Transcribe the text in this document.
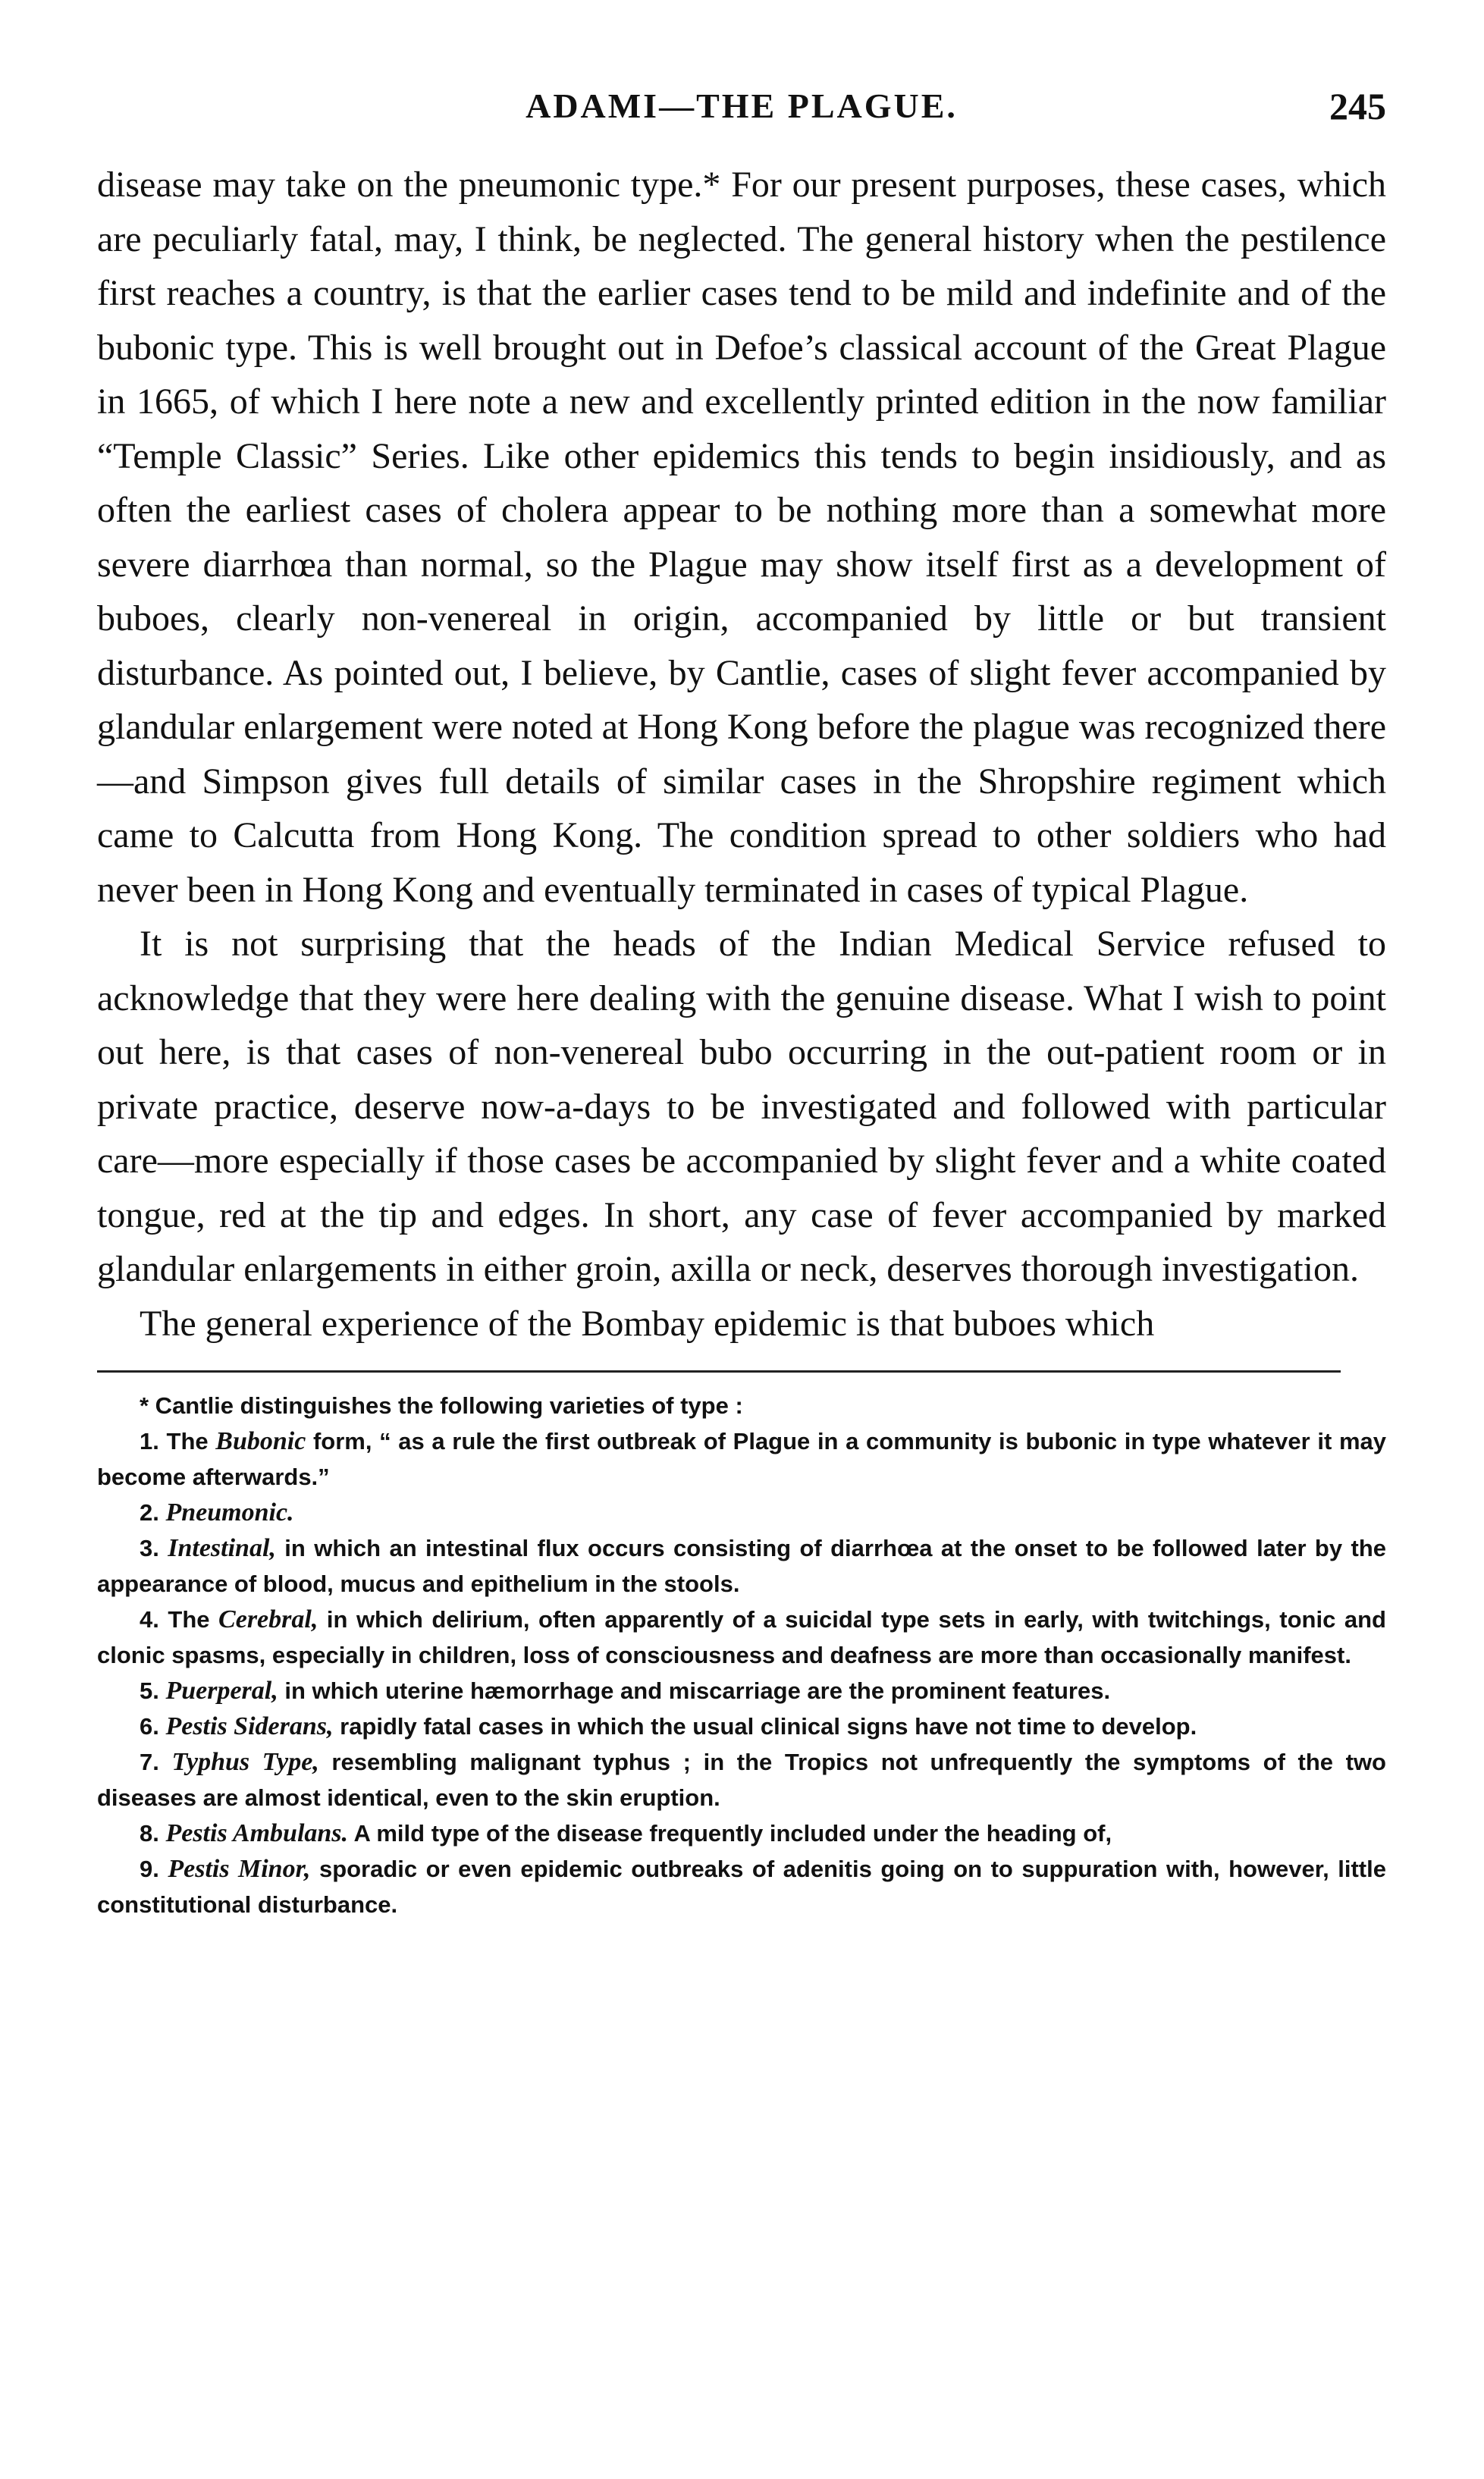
ADAMI—THE PLAGUE.	245

disease may take on the pneumonic type.* For our present purposes, these cases, which are peculiarly fatal, may, I think, be neglected. The general history when the pestilence first reaches a country, is that the earlier cases tend to be mild and indefinite and of the bubonic type. This is well brought out in Defoe’s classical account of the Great Plague in 1665, of which I here note a new and excellently printed edition in the now familiar “Temple Classic” Series. Like other epidemics this tends to begin insidiously, and as often the earliest cases of cholera appear to be nothing more than a somewhat more severe diarrhœa than normal, so the Plague may show itself first as a development of buboes, clearly non-venereal in origin, accompanied by little or but transient disturbance. As pointed out, I believe, by Cantlie, cases of slight fever accompanied by glandular enlargement were noted at Hong Kong before the plague was recognized there—and Simpson gives full details of similar cases in the Shropshire regiment which came to Calcutta from Hong Kong. The condition spread to other soldiers who had never been in Hong Kong and eventually terminated in cases of typical Plague.

It is not surprising that the heads of the Indian Medical Service refused to acknowledge that they were here dealing with the genuine disease. What I wish to point out here, is that cases of non-venereal bubo occurring in the out-patient room or in private practice, deserve now-a-days to be investigated and followed with particular care—more especially if those cases be accompanied by slight fever and a white coated tongue, red at the tip and edges. In short, any case of fever accompanied by marked glandular enlargements in either groin, axilla or neck, deserves thorough investigation.

The general experience of the Bombay epidemic is that buboes which

* Cantlie distinguishes the following varieties of type :

1. The Bubonic form, “ as a rule the first outbreak of Plague in a community is bubonic in type whatever it may become afterwards.”

2. Pneumonic.

3. Intestinal, in which an intestinal flux occurs consisting of diarrhœa at the onset to be followed later by the appearance of blood, mucus and epithelium in the stools.

4. The Cerebral, in which delirium, often apparently of a suicidal type sets in early, with twitchings, tonic and clonic spasms, especially in children, loss of consciousness and deafness are more than occasionally manifest.

5. Puerperal, in which uterine hæmorrhage and miscarriage are the prominent features.

6. Pestis Siderans, rapidly fatal cases in which the usual clinical signs have not time to develop.

7. Typhus Type, resembling malignant typhus ; in the Tropics not unfrequently the symptoms of the two diseases are almost identical, even to the skin eruption.

8. Pestis Ambulans. A mild type of the disease frequently included under the heading of,

9. Pestis Minor, sporadic or even epidemic outbreaks of adenitis going on to suppuration with, however, little constitutional disturbance.
